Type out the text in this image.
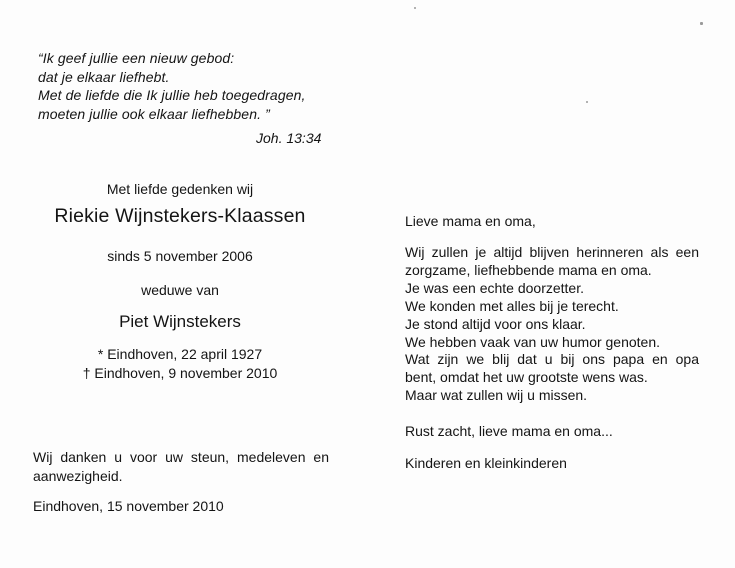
“Ik geef jullie een nieuw gebod:
dat je elkaar liefhebt.
Met de liefde die Ik jullie heb toegedragen,
moeten jullie ook elkaar liefhebben. ”
Joh. 13:34
Met liefde gedenken wij
Riekie Wijnstekers-Klaassen
sinds 5 november 2006
weduwe van
Piet Wijnstekers
* Eindhoven, 22 april 1927
† Eindhoven, 9 november 2010
Wij danken u voor uw steun, medeleven en aanwezigheid.
Eindhoven, 15 november 2010
Lieve mama en oma,
Wij zullen je altijd blijven herinneren als een
zorgzame, liefhebbende mama en oma.
Je was een echte doorzetter.
We konden met alles bij je terecht.
Je stond altijd voor ons klaar.
We hebben vaak van uw humor genoten.
Wat zijn we blij dat u bij ons papa en opa
bent, omdat het uw grootste wens was.
Maar wat zullen wij u missen.
Rust zacht, lieve mama en oma...
Kinderen en kleinkinderen
